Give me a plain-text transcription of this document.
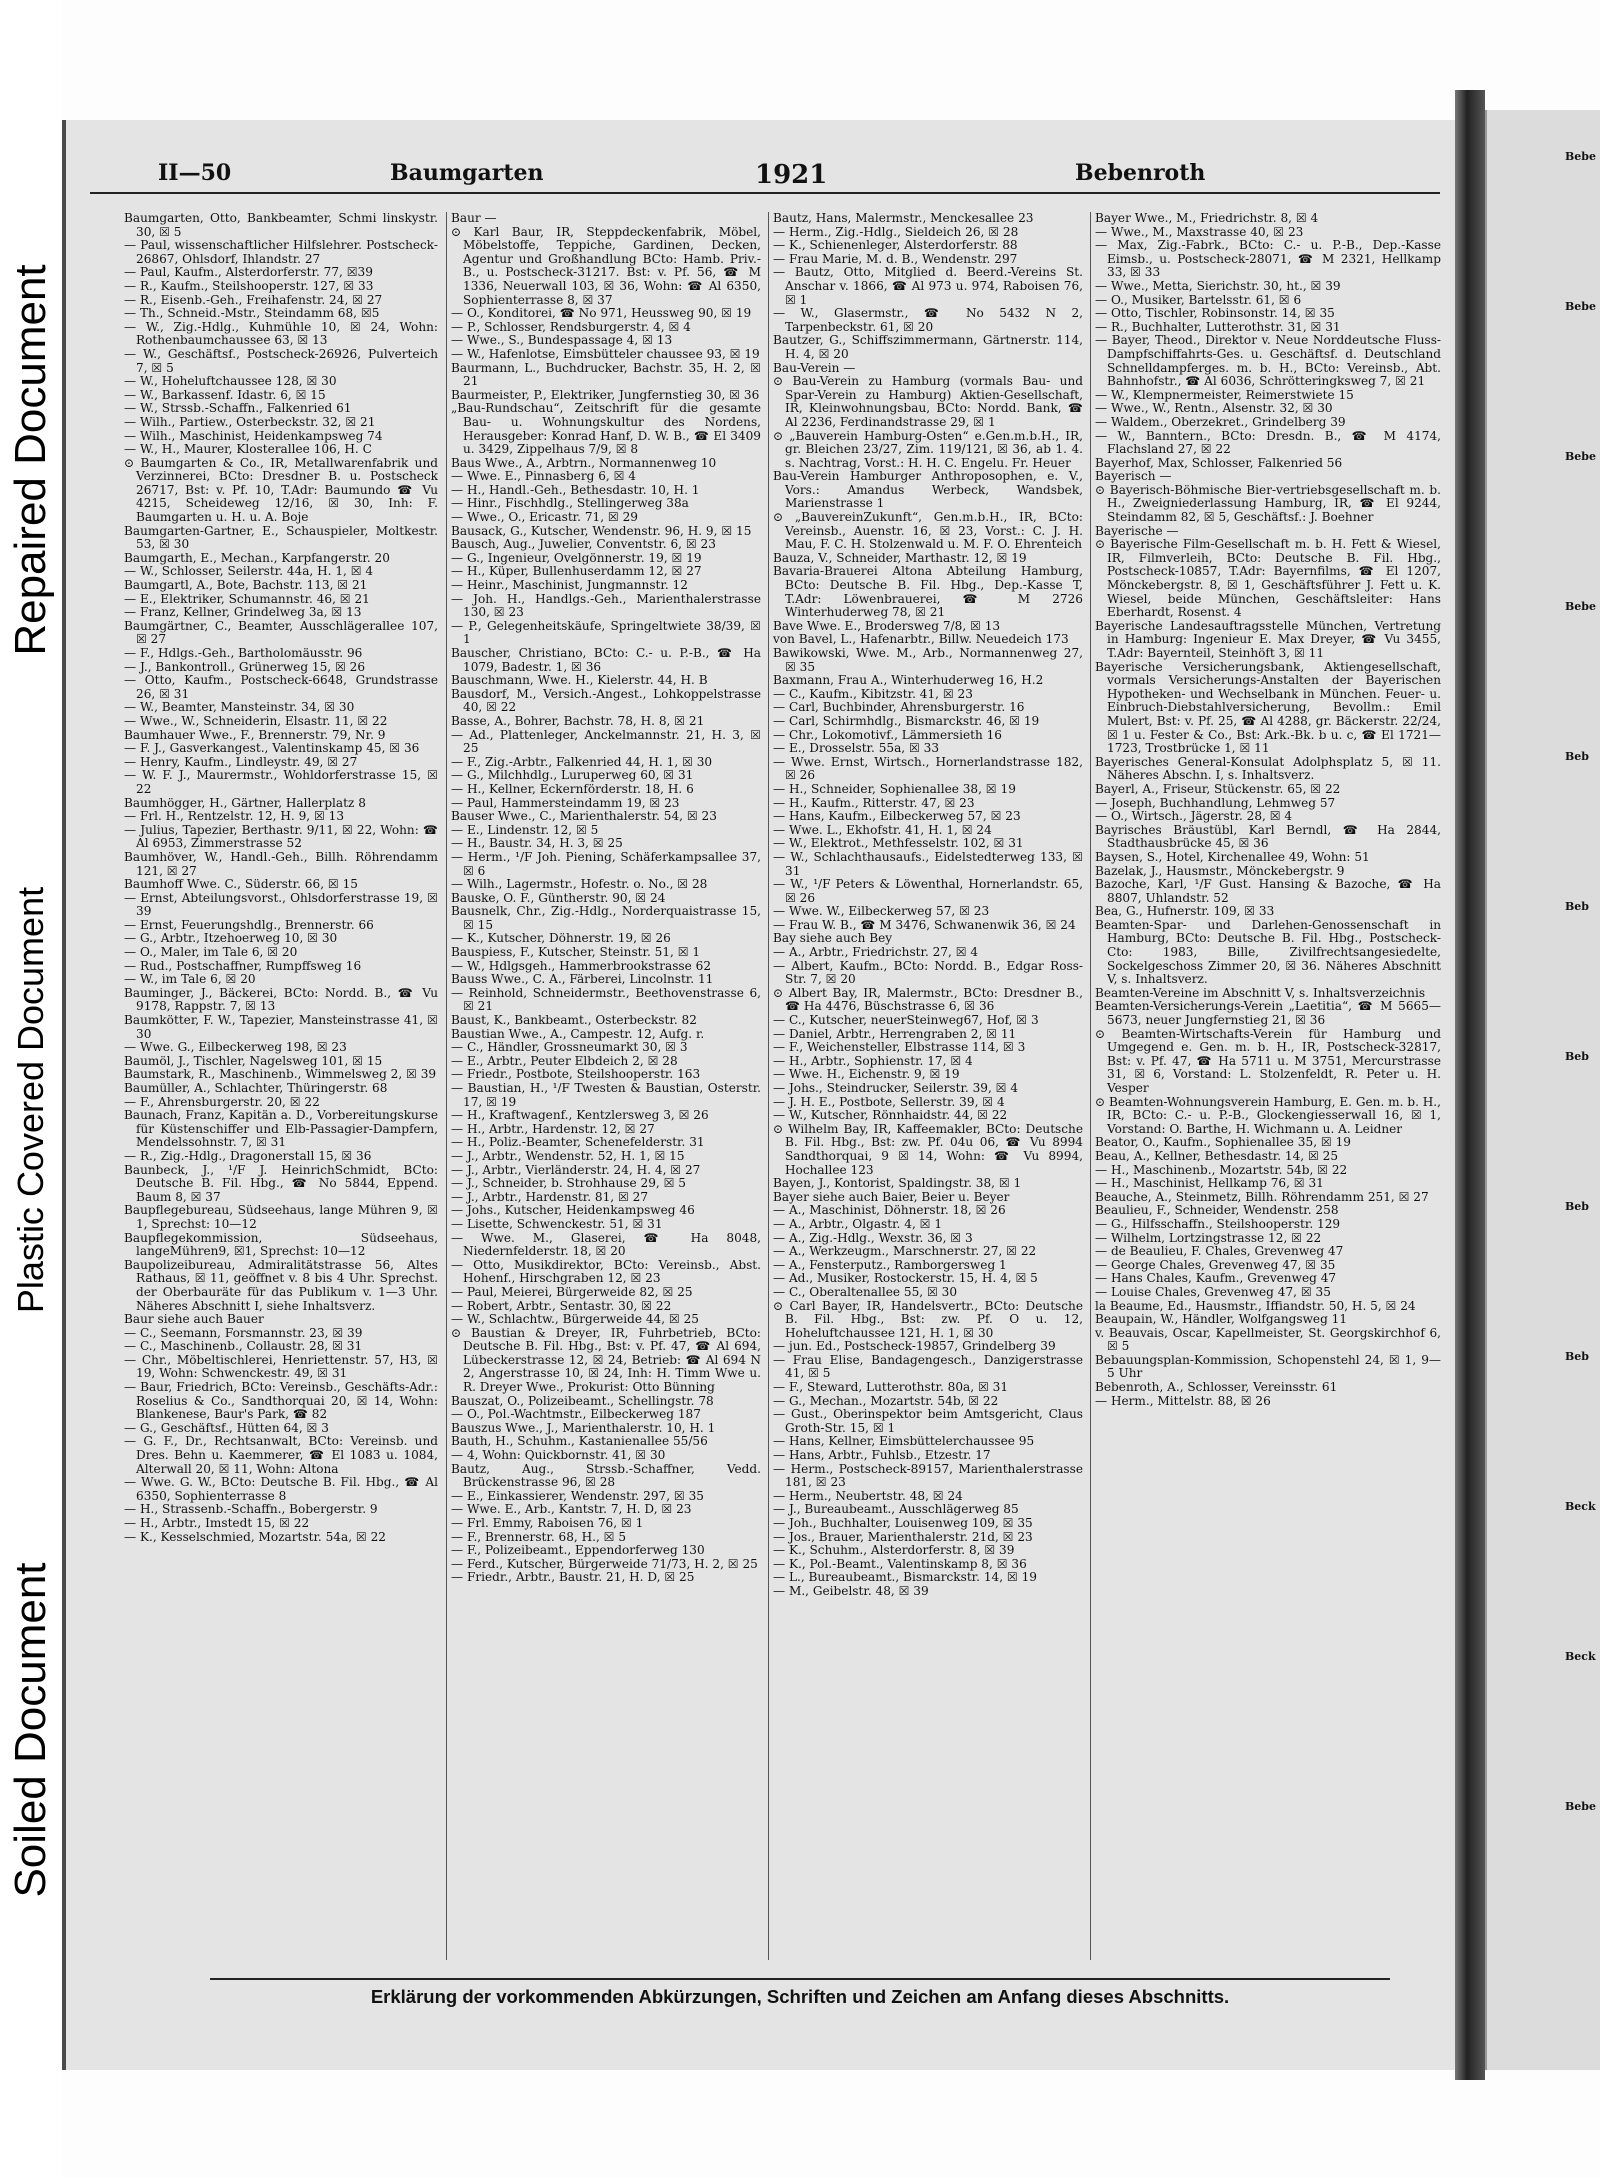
Repaired Document
Plastic Covered Document
Soiled Document
Bebe
Bebe
Bebe
Bebe
Beb
Beb
Beb
Beb
Beb
Beck
Beck
Bebe
II—50	Baumgarten	1921	Bebenroth
Baumgarten, Otto, Bankbeamter, Schmi linskystr. 30, ☒ 5
— Paul, wissenschaftlicher Hilfslehrer. Postscheck-26867, Ohlsdorf, Ihlandstr. 27
— Paul, Kaufm., Alsterdorferstr. 77, ☒39
— R., Kaufm., Steilshooperstr. 127, ☒ 33
— R., Eisenb.-Geh., Freihafenstr. 24, ☒ 27
— Th., Schneid.-Mstr., Steindamm 68, ☒5
— W., Zig.-Hdlg., Kuhmühle 10, ☒ 24, Wohn: Rothenbaumchaussee 63, ☒ 13
— W., Geschäftsf., Postscheck-26926, Pulverteich 7, ☒ 5
— W., Hoheluftchaussee 128, ☒ 30
— W., Barkassenf. Idastr. 6, ☒ 15
— W., Strssb.-Schaffn., Falkenried 61
— Wilh., Partiew., Osterbeckstr. 32, ☒ 21
— Wilh., Maschinist, Heidenkampsweg 74
— W., H., Maurer, Klosterallee 106, H. C
⊙ Baumgarten & Co., IR, Metallwarenfabrik und Verzinnerei, BCto: Dresdner B. u. Postscheck 26717, Bst: v. Pf. 10, T.Adr: Baumundo ☎ Vu 4215, Scheideweg 12/16, ☒ 30, Inh: F. Baumgarten u. H. u. A. Boje
Baumgarten-Gartner, E., Schauspieler, Moltkestr. 53, ☒ 30
Baumgarth, E., Mechan., Karpfangerstr. 20
— W., Schlosser, Seilerstr. 44a, H. 1, ☒ 4
Baumgartl, A., Bote, Bachstr. 113, ☒ 21
— E., Elektriker, Schumannstr. 46, ☒ 21
— Franz, Kellner, Grindelweg 3a, ☒ 13
Baumgärtner, C., Beamter, Ausschlägerallee 107, ☒ 27
— F., Hdlgs.-Geh., Bartholomäusstr. 96
— J., Bankontroll., Grünerweg 15, ☒ 26
— Otto, Kaufm., Postscheck-6648, Grundstrasse 26, ☒ 31
— W., Beamter, Mansteinstr. 34, ☒ 30
— Wwe., W., Schneiderin, Elsastr. 11, ☒ 22
Baumhauer Wwe., F., Brennerstr. 79, Nr. 9
— F. J., Gasverkangest., Valentinskamp 45, ☒ 36
— Henry, Kaufm., Lindleystr. 49, ☒ 27
— W. F. J., Maurermstr., Wohldorferstrasse 15, ☒ 22
Baumhögger, H., Gärtner, Hallerplatz 8
— Frl. H., Rentzelstr. 12, H. 9, ☒ 13
— Julius, Tapezier, Berthastr. 9/11, ☒ 22, Wohn: ☎ Al 6953, Zimmerstrasse 52
Baumhöver, W., Handl.-Geh., Billh. Röhrendamm 121, ☒ 27
Baumhoff Wwe. C., Süderstr. 66, ☒ 15
— Ernst, Abteilungsvorst., Ohlsdorferstrasse 19, ☒ 39
— Ernst, Feuerungshdlg., Brennerstr. 66
— G., Arbtr., Itzehoerweg 10, ☒ 30
— O., Maler, im Tale 6, ☒ 20
— Rud., Postschaffner, Rumpffsweg 16
— W., im Tale 6, ☒ 20
Bauminger, J., Bäckerei, BCto: Nordd. B., ☎ Vu 9178, Rappstr. 7, ☒ 13
Baumkötter, F. W., Tapezier, Mansteinstrasse 41, ☒ 30
— Wwe. G., Eilbeckerweg 198, ☒ 23
Baumöl, J., Tischler, Nagelsweg 101, ☒ 15
Baumstark, R., Maschinenb., Wimmelsweg 2, ☒ 39
Baumüller, A., Schlachter, Thüringerstr. 68
— F., Ahrensburgerstr. 20, ☒ 22
Baunach, Franz, Kapitän a. D., Vorbereitungskurse für Küstenschiffer und Elb-Passagier-Dampfern, Mendelssohnstr. 7, ☒ 31
— R., Zig.-Hdlg., Dragonerstall 15, ☒ 36
Baunbeck, J., ¹/F J. HeinrichSchmidt, BCto: Deutsche B. Fil. Hbg., ☎ No 5844, Eppend. Baum 8, ☒ 37
Baupflegebureau, Südseehaus, lange Mühren 9, ☒ 1, Sprechst: 10—12
Baupflegekommission, Südseehaus, langeMühren9, ☒1, Sprechst: 10—12
Baupolizeibureau, Admiralitätstrasse 56, Altes Rathaus, ☒ 11, geöffnet v. 8 bis 4 Uhr. Sprechst. der Oberbauräte für das Publikum v. 1—3 Uhr. Näheres Abschnitt I, siehe Inhaltsverz.
Baur siehe auch Bauer
— C., Seemann, Forsmannstr. 23, ☒ 39
— C., Maschinenb., Collaustr. 28, ☒ 31
— Chr., Möbeltischlerei, Henriettenstr. 57, H3, ☒ 19, Wohn: Schwenckestr. 49, ☒ 31
— Baur, Friedrich, BCto: Vereinsb., Geschäfts-Adr.: Roselius & Co., Sandthorquai 20, ☒ 14, Wohn: Blankenese, Baur's Park, ☎ 82
— G., Geschäftsf., Hütten 64, ☒ 3
— G. F., Dr., Rechtsanwalt, BCto: Vereinsb. und Dres. Behn u. Kaemmerer, ☎ El 1083 u. 1084, Alterwall 20, ☒ 11, Wohn: Altona
— Wwe. G. W., BCto: Deutsche B. Fil. Hbg., ☎ Al 6350, Sophienterrasse 8
— H., Strassenb.-Schaffn., Bobergerstr. 9
— H., Arbtr., Imstedt 15, ☒ 22
— K., Kesselschmied, Mozartstr. 54a, ☒ 22
Baur —
⊙ Karl Baur, IR, Steppdeckenfabrik, Möbel, Möbelstoffe, Teppiche, Gardinen, Decken, Agentur und Großhandlung BCto: Hamb. Priv.-B., u. Postscheck-31217. Bst: v. Pf. 56, ☎ M 1336, Neuerwall 103, ☒ 36, Wohn: ☎ Al 6350, Sophienterrasse 8, ☒ 37
— O., Konditorei, ☎ No 971, Heussweg 90, ☒ 19
— P., Schlosser, Rendsburgerstr. 4, ☒ 4
— Wwe., S., Bundespassage 4, ☒ 13
— W., Hafenlotse, Eimsbütteler chaussee 93, ☒ 19
Baurmann, L., Buchdrucker, Bachstr. 35, H. 2, ☒ 21
Baurmeister, P., Elektriker, Jungfernstieg 30, ☒ 36
„Bau-Rundschau“, Zeitschrift für die gesamte Bau- u. Wohnungskultur des Nordens, Herausgeber: Konrad Hanf, D. W. B., ☎ El 3409 u. 3429, Zippelhaus 7/9, ☒ 8
Baus Wwe., A., Arbtrn., Normannenweg 10
— Wwe. E., Pinnasberg 6, ☒ 4
— H., Handl.-Geh., Bethesdastr. 10, H. 1
— Hinr., Fischhdlg., Stellingerweg 38a
— Wwe., O., Ericastr. 71, ☒ 29
Bausack, G., Kutscher, Wendenstr. 96, H. 9, ☒ 15
Bausch, Aug., Juwelier, Conventstr. 6, ☒ 23
— G., Ingenieur, Ovelgönnerstr. 19, ☒ 19
— H., Küper, Bullenhuserdamm 12, ☒ 27
— Heinr., Maschinist, Jungmannstr. 12
— Joh. H., Handlgs.-Geh., Marienthalerstrasse 130, ☒ 23
— P., Gelegenheitskäufe, Springeltwiete 38/39, ☒ 1
Bauscher, Christiano, BCto: C.- u. P.-B., ☎ Ha 1079, Badestr. 1, ☒ 36
Bauschmann, Wwe. H., Kielerstr. 44, H. B
Bausdorf, M., Versich.-Angest., Lohkoppelstrasse 40, ☒ 22
Basse, A., Bohrer, Bachstr. 78, H. 8, ☒ 21
— Ad., Plattenleger, Anckelmannstr. 21, H. 3, ☒ 25
— F., Zig.-Arbtr., Falkenried 44, H. 1, ☒ 30
— G., Milchhdlg., Luruperweg 60, ☒ 31
— H., Kellner, Eckernförderstr. 18, H. 6
— Paul, Hammersteindamm 19, ☒ 23
Bauser Wwe., C., Marienthalerstr. 54, ☒ 23
— E., Lindenstr. 12, ☒ 5
— H., Baustr. 34, H. 3, ☒ 25
— Herm., ¹/F Joh. Piening, Schäferkampsallee 37, ☒ 6
— Wilh., Lagermstr., Hofestr. o. No., ☒ 28
Bauske, O. F., Güntherstr. 90, ☒ 24
Bausnelk, Chr., Zig.-Hdlg., Norderquaistrasse 15, ☒ 15
— K., Kutscher, Döhnerstr. 19, ☒ 26
Bauspiess, F., Kutscher, Steinstr. 51, ☒ 1
— W., Hdlgsgeh., Hammerbrookstrasse 62
Bauss Wwe., C. A., Färberei, Lincolnstr. 11
— Reinhold, Schneidermstr., Beethovenstrasse 6, ☒ 21
Baust, K., Bankbeamt., Osterbeckstr. 82
Baustian Wwe., A., Campestr. 12, Aufg. r.
— C., Händler, Grossneumarkt 30, ☒ 3
— E., Arbtr., Peuter Elbdeich 2, ☒ 28
— Friedr., Postbote, Steilshooperstr. 163
— Baustian, H., ¹/F Twesten & Baustian, Osterstr. 17, ☒ 19
— H., Kraftwagenf., Kentzlersweg 3, ☒ 26
— H., Arbtr., Hardenstr. 12, ☒ 27
— H., Poliz.-Beamter, Schenefelderstr. 31
— J., Arbtr., Wendenstr. 52, H. 1, ☒ 15
— J., Arbtr., Vierländerstr. 24, H. 4, ☒ 27
— J., Schneider, b. Strohhause 29, ☒ 5
— J., Arbtr., Hardenstr. 81, ☒ 27
— Johs., Kutscher, Heidenkampsweg 46
— Lisette, Schwenckestr. 51, ☒ 31
— Wwe. M., Glaserei, ☎ Ha 8048, Niedernfelderstr. 18, ☒ 20
— Otto, Musikdirektor, BCto: Vereinsb., Abst. Hohenf., Hirschgraben 12, ☒ 23
— Paul, Meierei, Bürgerweide 82, ☒ 25
— Robert, Arbtr., Sentastr. 30, ☒ 22
— W., Schlachtw., Bürgerweide 44, ☒ 25
⊙ Baustian & Dreyer, IR, Fuhrbetrieb, BCto: Deutsche B. Fil. Hbg., Bst: v. Pf. 47, ☎ Al 694, Lübeckerstrasse 12, ☒ 24, Betrieb: ☎ Al 694 N 2, Angerstrasse 10, ☒ 24, Inh: H. Timm Wwe u. R. Dreyer Wwe., Prokurist: Otto Bünning
Bauszat, O., Polizeibeamt., Schellingstr. 78
— O., Pol.-Wachtmstr., Eilbeckerweg 187
Bauszus Wwe., J., Marienthalerstr. 10, H. 1
Bauth, H., Schuhm., Kastanienallee 55/56
— 4, Wohn: Quickbornstr. 41, ☒ 30
Bautz, Aug., Strssb.-Schaffner, Vedd. Brückenstrasse 96, ☒ 28
— E., Einkassierer, Wendenstr. 297, ☒ 35
— Wwe. E., Arb., Kantstr. 7, H. D, ☒ 23
— Frl. Emmy, Raboisen 76, ☒ 1
— F., Brennerstr. 68, H., ☒ 5
— F., Polizeibeamt., Eppendorferweg 130
— Ferd., Kutscher, Bürgerweide 71/73, H. 2, ☒ 25
— Friedr., Arbtr., Baustr. 21, H. D, ☒ 25
Bautz, Hans, Malermstr., Menckesallee 23
— Herm., Zig.-Hdlg., Sieldeich 26, ☒ 28
— K., Schienenleger, Alsterdorferstr. 88
— Frau Marie, M. d. B., Wendenstr. 297
— Bautz, Otto, Mitglied d. Beerd.-Vereins St. Anschar v. 1866, ☎ Al 973 u. 974, Raboisen 76, ☒ 1
— W., Glasermstr., ☎ No 5432 N 2, Tarpenbeckstr. 61, ☒ 20
Bautzer, G., Schiffszimmermann, Gärtnerstr. 114, H. 4, ☒ 20
Bau-Verein —
⊙ Bau-Verein zu Hamburg (vormals Bau- und Spar-Verein zu Hamburg) Aktien-Gesellschaft, IR, Kleinwohnungsbau, BCto: Nordd. Bank, ☎ Al 2236, Ferdinandstrasse 29, ☒ 1
⊙ „Bauverein Hamburg-Osten“ e.Gen.m.b.H., IR, gr. Bleichen 23/27, Zim. 119/121, ☒ 36, ab 1. 4. s. Nachtrag, Vorst.: H. H. C. Engelu. Fr. Heuer
Bau-Verein Hamburger Anthroposophen, e. V., Vors.: Amandus Werbeck, Wandsbek, Marienstrasse 1
⊙ „BauvereinZukunft“, Gen.m.b.H., IR, BCto: Vereinsb., Auenstr. 16, ☒ 23, Vorst.: C. J. H. Mau, F. C. H. Stolzenwald u. M. F. O. Ehrenteich
Bauza, V., Schneider, Marthastr. 12, ☒ 19
Bavaria-Brauerei Altona Abteilung Hamburg, BCto: Deutsche B. Fil. Hbg., Dep.-Kasse T, T.Adr: Löwenbrauerei, ☎ M 2726 Winterhuderweg 78, ☒ 21
Bave Wwe. E., Brodersweg 7/8, ☒ 13
von Bavel, L., Hafenarbtr., Billw. Neuedeich 173
Bawikowski, Wwe. M., Arb., Normannenweg 27, ☒ 35
Baxmann, Frau A., Winterhuderweg 16, H.2
— C., Kaufm., Kibitzstr. 41, ☒ 23
— Carl, Buchbinder, Ahrensburgerstr. 16
— Carl, Schirmhdlg., Bismarckstr. 46, ☒ 19
— Chr., Lokomotivf., Lämmersieth 16
— E., Drosselstr. 55a, ☒ 33
— Wwe. Ernst, Wirtsch., Hornerlandstrasse 182, ☒ 26
— H., Schneider, Sophienallee 38, ☒ 19
— H., Kaufm., Ritterstr. 47, ☒ 23
— Hans, Kaufm., Eilbeckerweg 57, ☒ 23
— Wwe. L., Ekhofstr. 41, H. 1, ☒ 24
— W., Elektrot., Methfesselstr. 102, ☒ 31
— W., Schlachthausaufs., Eidelstedterweg 133, ☒ 31
— W., ¹/F Peters & Löwenthal, Hornerlandstr. 65, ☒ 26
— Wwe. W., Eilbeckerweg 57, ☒ 23
— Frau W. B., ☎ M 3476, Schwanenwik 36, ☒ 24
Bay siehe auch Bey
— A., Arbtr., Friedrichstr. 27, ☒ 4
— Albert, Kaufm., BCto: Nordd. B., Edgar Ross-Str. 7, ☒ 20
⊙ Albert Bay, IR, Malermstr., BCto: Dresdner B., ☎ Ha 4476, Büschstrasse 6, ☒ 36
— C., Kutscher, neuerSteinweg67, Hof, ☒ 3
— Daniel, Arbtr., Herrengraben 2, ☒ 11
— F., Weichensteller, Elbstrasse 114, ☒ 3
— H., Arbtr., Sophienstr. 17, ☒ 4
— Wwe. H., Eichenstr. 9, ☒ 19
— Johs., Steindrucker, Seilerstr. 39, ☒ 4
— J. H. E., Postbote, Sellerstr. 39, ☒ 4
— W., Kutscher, Rönnhaidstr. 44, ☒ 22
⊙ Wilhelm Bay, IR, Kaffeemakler, BCto: Deutsche B. Fil. Hbg., Bst: zw. Pf. 04u 06, ☎ Vu 8994 Sandthorquai, 9 ☒ 14, Wohn: ☎ Vu 8994, Hochallee 123
Bayen, J., Kontorist, Spaldingstr. 38, ☒ 1
Bayer siehe auch Baier, Beier u. Beyer
— A., Maschinist, Döhnerstr. 18, ☒ 26
— A., Arbtr., Olgastr. 4, ☒ 1
— A., Zig.-Hdlg., Wexstr. 36, ☒ 3
— A., Werkzeugm., Marschnerstr. 27, ☒ 22
— A., Fensterputz., Ramborgersweg 1
— Ad., Musiker, Rostockerstr. 15, H. 4, ☒ 5
— C., Oberaltenallee 55, ☒ 30
⊙ Carl Bayer, IR, Handelsvertr., BCto: Deutsche B. Fil. Hbg., Bst: zw. Pf. O u. 12, Hoheluftchaussee 121, H. 1, ☒ 30
— jun. Ed., Postscheck-19857, Grindelberg 39
— Frau Elise, Bandagengesch., Danzigerstrasse 41, ☒ 5
— F., Steward, Lutterothstr. 80a, ☒ 31
— G., Mechan., Mozartstr. 54b, ☒ 22
— Gust., Oberinspektor beim Amtsgericht, Claus Groth-Str. 15, ☒ 1
— Hans, Kellner, Eimsbüttelerchaussee 95
— Hans, Arbtr., Fuhlsb., Etzestr. 17
— Herm., Postscheck-89157, Marienthalerstrasse 181, ☒ 23
— Herm., Neubertstr. 48, ☒ 24
— J., Bureaubeamt., Ausschlägerweg 85
— Joh., Buchhalter, Louisenweg 109, ☒ 35
— Jos., Brauer, Marienthalerstr. 21d, ☒ 23
— K., Schuhm., Alsterdorferstr. 8, ☒ 39
— K., Pol.-Beamt., Valentinskamp 8, ☒ 36
— L., Bureaubeamt., Bismarckstr. 14, ☒ 19
— M., Geibelstr. 48, ☒ 39
Bayer Wwe., M., Friedrichstr. 8, ☒ 4
— Wwe., M., Maxstrasse 40, ☒ 23
— Max, Zig.-Fabrk., BCto: C.- u. P.-B., Dep.-Kasse Eimsb., u. Postscheck-28071, ☎ M 2321, Hellkamp 33, ☒ 33
— Wwe., Metta, Sierichstr. 30, ht., ☒ 39
— O., Musiker, Bartelsstr. 61, ☒ 6
— Otto, Tischler, Robinsonstr. 14, ☒ 35
— R., Buchhalter, Lutterothstr. 31, ☒ 31
— Bayer, Theod., Direktor v. Neue Norddeutsche Fluss-Dampfschiffahrts-Ges. u. Geschäftsf. d. Deutschland Schnelldampferges. m. b. H., BCto: Vereinsb., Abt. Bahnhofstr., ☎ Al 6036, Schrötteringksweg 7, ☒ 21
— W., Klempnermeister, Reimerstwiete 15
— Wwe., W., Rentn., Alsenstr. 32, ☒ 30
— Waldem., Oberzekret., Grindelberg 39
— W., Banntern., BCto: Dresdn. B., ☎ M 4174, Flachsland 27, ☒ 22
Bayerhof, Max, Schlosser, Falkenried 56
Bayerisch —
⊙ Bayerisch-Böhmische Bier-vertriebsgesellschaft m. b. H., Zweigniederlassung Hamburg, IR, ☎ El 9244, Steindamm 82, ☒ 5, Geschäftsf.: J. Boehner
Bayerische —
⊙ Bayerische Film-Gesellschaft m. b. H. Fett & Wiesel, IR, Filmverleih, BCto: Deutsche B. Fil. Hbg., Postscheck-10857, T.Adr: Bayernfilms, ☎ El 1207, Mönckebergstr. 8, ☒ 1, Geschäftsführer J. Fett u. K. Wiesel, beide München, Geschäftsleiter: Hans Eberhardt, Rosenst. 4
Bayerische Landesauftragsstelle München, Vertretung in Hamburg: Ingenieur E. Max Dreyer, ☎ Vu 3455, T.Adr: Bayernteil, Steinhöft 3, ☒ 11
Bayerische Versicherungsbank, Aktiengesellschaft, vormals Versicherungs-Anstalten der Bayerischen Hypotheken- und Wechselbank in München. Feuer- u. Einbruch-Diebstahlversicherung, Bevollm.: Emil Mulert, Bst: v. Pf. 25, ☎ Al 4288, gr. Bäckerstr. 22/24, ☒ 1 u. Fester & Co., Bst: Ark.-Bk. b u. c, ☎ El 1721—1723, Trostbrücke 1, ☒ 11
Bayerisches General-Konsulat Adolphsplatz 5, ☒ 11. Näheres Abschn. I, s. Inhaltsverz.
Bayerl, A., Friseur, Stückenstr. 65, ☒ 22
— Joseph, Buchhandlung, Lehmweg 57
— O., Wirtsch., Jägerstr. 28, ☒ 4
Bayrisches Bräustübl, Karl Berndl, ☎ Ha 2844, Stadthausbrücke 45, ☒ 36
Baysen, S., Hotel, Kirchenallee 49, Wohn: 51
Bazelak, J., Hausmstr., Mönckebergstr. 9
Bazoche, Karl, ¹/F Gust. Hansing & Bazoche, ☎ Ha 8807, Uhlandstr. 52
Bea, G., Hufnerstr. 109, ☒ 33
Beamten-Spar- und Darlehen-Genossenschaft in Hamburg, BCto: Deutsche B. Fil. Hbg., Postscheck-Cto: 1983, Bille, Zivilfrechtsangesiedelte, Sockelgeschoss Zimmer 20, ☒ 36. Näheres Abschnitt V, s. Inhaltsverz.
Beamten-Vereine im Abschnitt V, s. Inhaltsverzeichnis
Beamten-Versicherungs-Verein „Laetitia“, ☎ M 5665—5673, neuer Jungfernstieg 21, ☒ 36
⊙ Beamten-Wirtschafts-Verein für Hamburg und Umgegend e. Gen. m. b. H., IR, Postscheck-32817, Bst: v. Pf. 47, ☎ Ha 5711 u. M 3751, Mercurstrasse 31, ☒ 6, Vorstand: L. Stolzenfeldt, R. Peter u. H. Vesper
⊙ Beamten-Wohnungsverein Hamburg, E. Gen. m. b. H., IR, BCto: C.- u. P.-B., Glockengiesserwall 16, ☒ 1, Vorstand: O. Barthe, H. Wichmann u. A. Leidner
Beator, O., Kaufm., Sophienallee 35, ☒ 19
Beau, A., Kellner, Bethesdastr. 14, ☒ 25
— H., Maschinenb., Mozartstr. 54b, ☒ 22
— H., Maschinist, Hellkamp 76, ☒ 31
Beauche, A., Steinmetz, Billh. Röhrendamm 251, ☒ 27
Beaulieu, F., Schneider, Wendenstr. 258
— G., Hilfsschaffn., Steilshooperstr. 129
— Wilhelm, Lortzingstrasse 12, ☒ 22
— de Beaulieu, F. Chales, Grevenweg 47
— George Chales, Grevenweg 47, ☒ 35
— Hans Chales, Kaufm., Grevenweg 47
— Louise Chales, Grevenweg 47, ☒ 35
la Beaume, Ed., Hausmstr., Iffiandstr. 50, H. 5, ☒ 24
Beaupain, W., Händler, Wolfgangsweg 11
v. Beauvais, Oscar, Kapellmeister, St. Georgskirchhof 6, ☒ 5
Bebauungsplan-Kommission, Schopenstehl 24, ☒ 1, 9—5 Uhr
Bebenroth, A., Schlosser, Vereinsstr. 61
— Herm., Mittelstr. 88, ☒ 26
Erklärung der vorkommenden Abkürzungen, Schriften und Zeichen am Anfang dieses Abschnitts.
